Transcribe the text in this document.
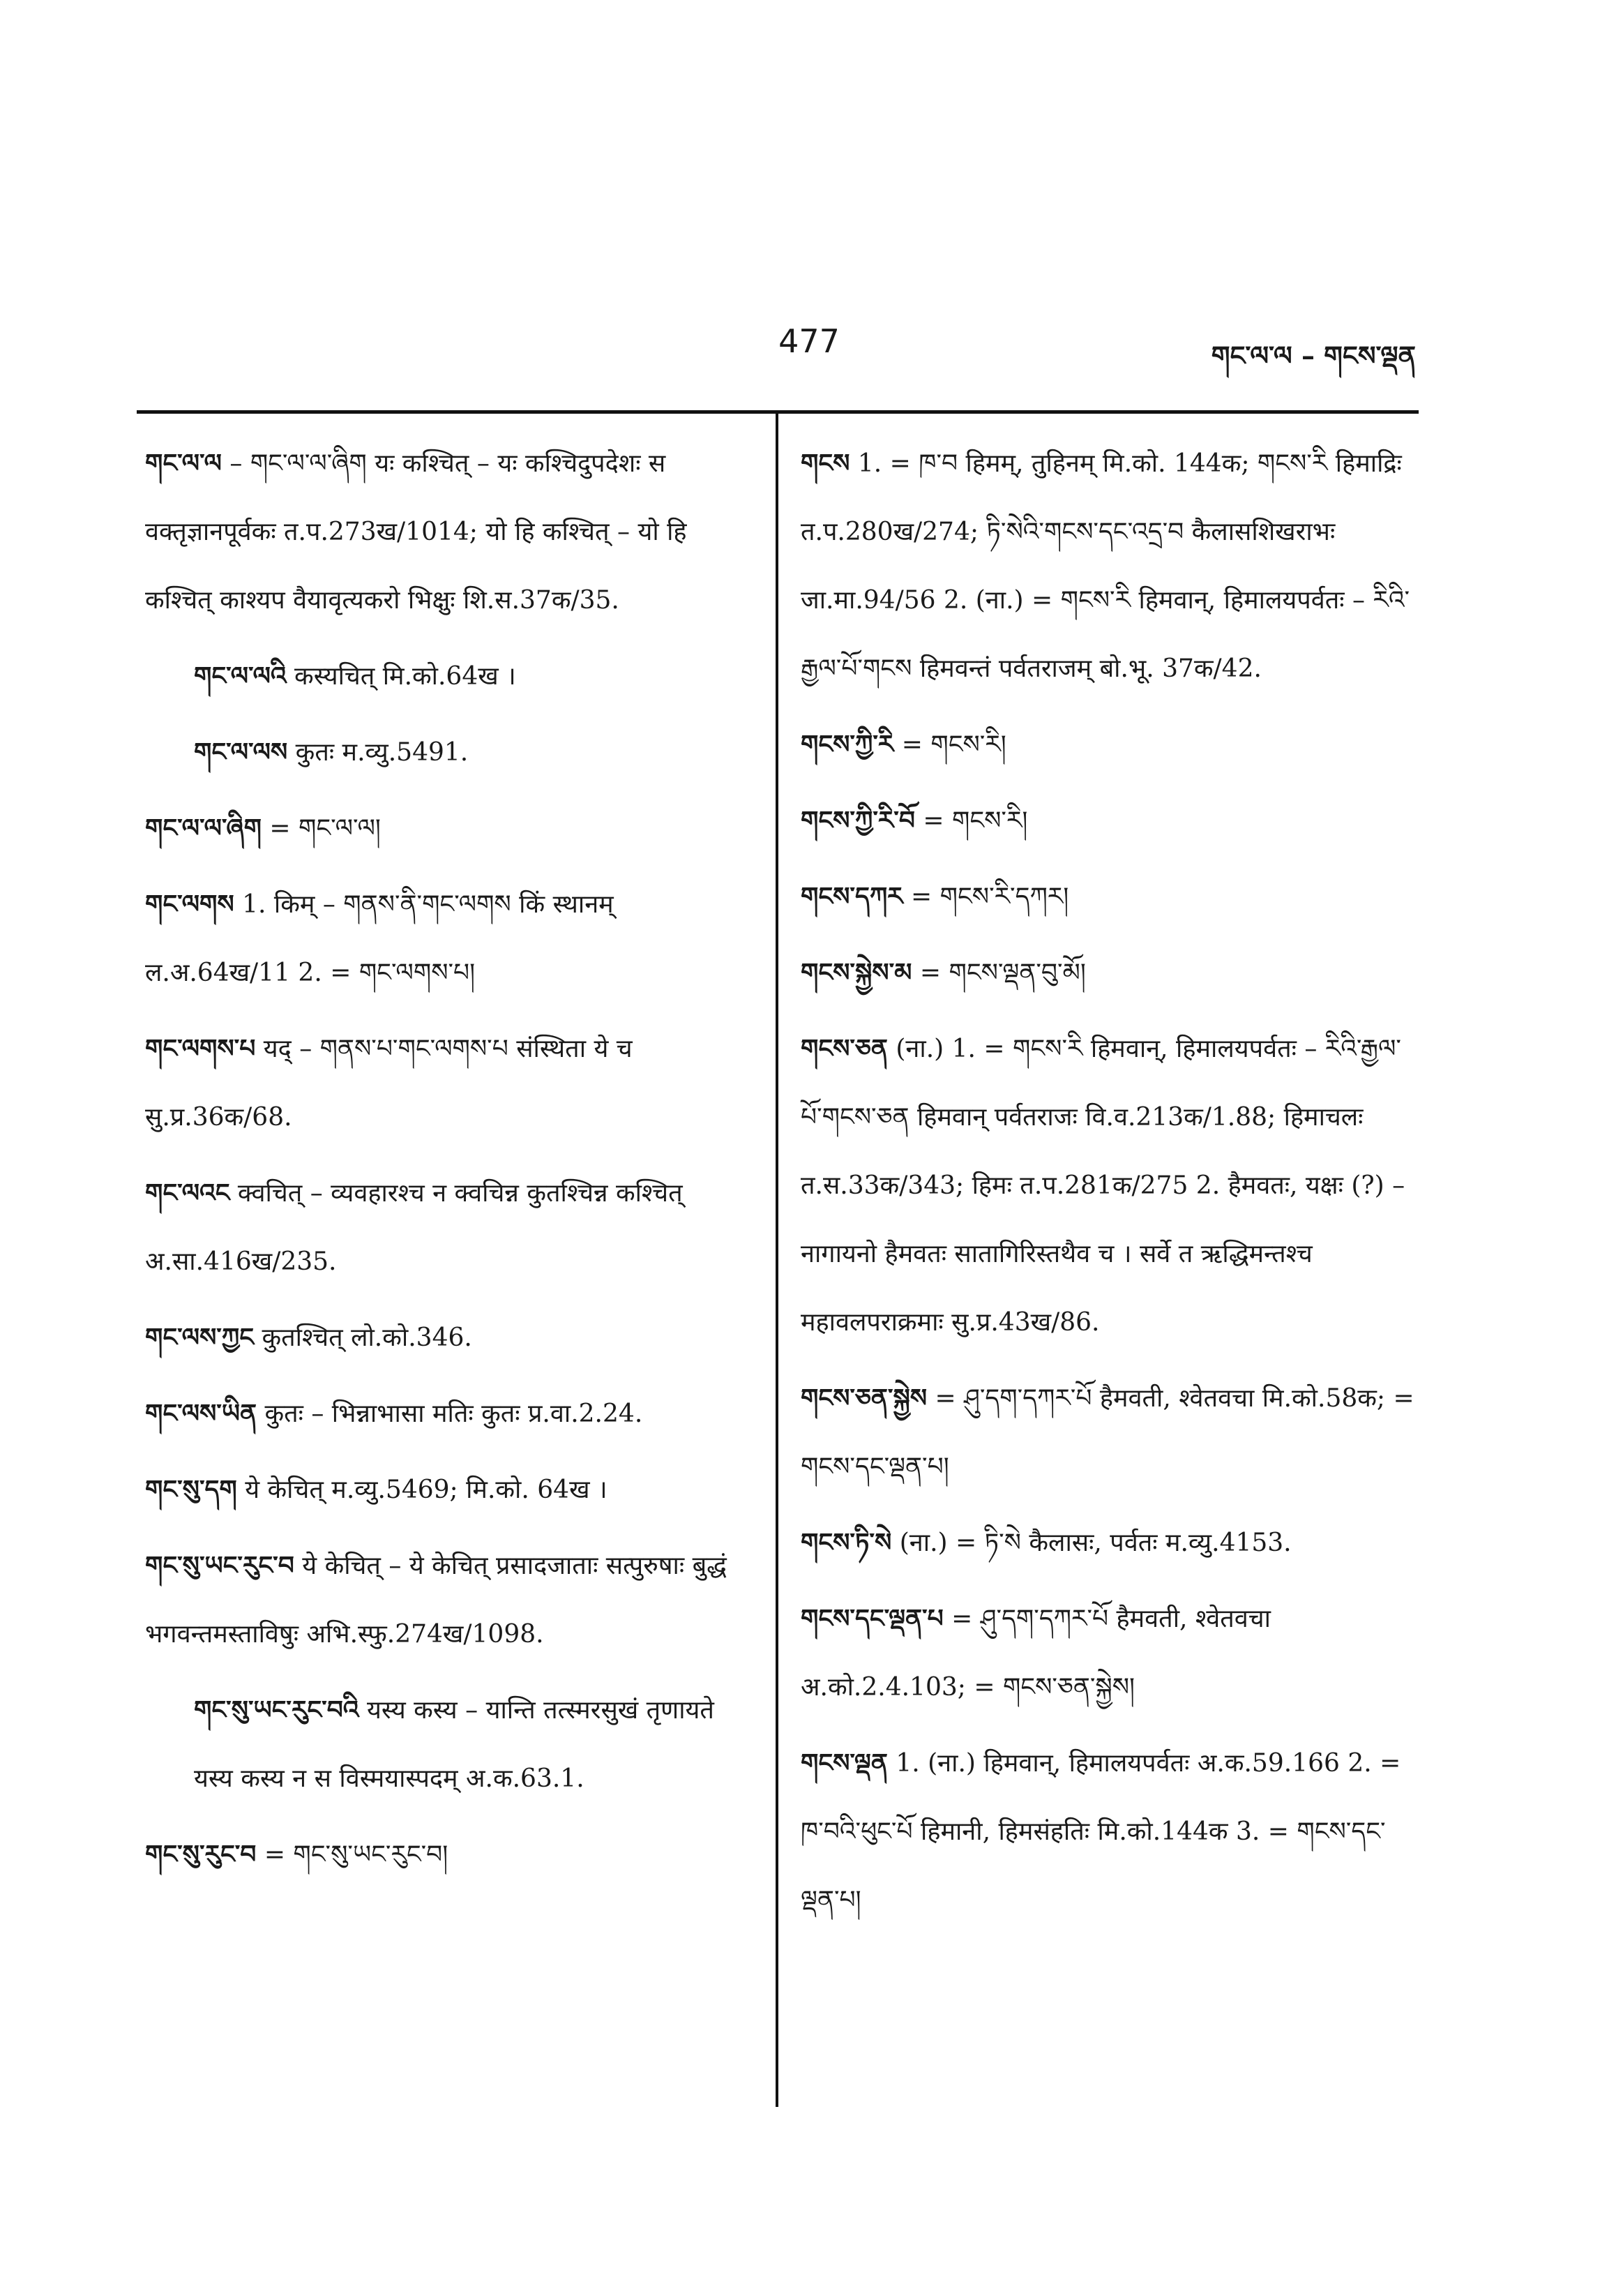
477	གང་ལ་ལ – གངས་ལྡན
གང་ལ་ལ – གང་ལ་ལ་ཞིག यः कश्चित् – यः कश्चिदुपदेशः स वक्तृज्ञानपूर्वकः त.प.273ख/1014; यो हि कश्चित् – यो हि कश्चित् काश्यप वैयावृत्यकरो भिक्षुः शि.स.37क/35.
གང་ལ་ལའི कस्यचित् मि.को.64ख ।
གང་ལ་ལས कुतः म.व्यु.5491.
གང་ལ་ལ་ཞིག = གང་ལ་ལ།
གང་ལགས 1. किम् – གནས་ནི་གང་ལགས किं स्थानम् ल.अ.64ख/11 2. = གང་ལགས་པ།
གང་ལགས་པ यद् – གནས་པ་གང་ལགས་པ संस्थिता ये च सु.प्र.36क/68.
གང་ལའང क्वचित् – व्यवहारश्च न क्वचिन्न कुतश्चिन्न कश्चित् अ.सा.416ख/235.
གང་ལས་ཀྱང कुतश्चित् लो.को.346.
གང་ལས་ཡིན कुतः – भिन्नाभासा मतिः कुतः प्र.वा.2.24.
གང་སུ་དག ये केचित् म.व्यु.5469; मि.को. 64ख ।
གང་སུ་ཡང་རུང་བ ये केचित् – ये केचित् प्रसादजाताः सत्पुरुषाः बुद्धं भगवन्तमस्ताविषुः अभि.स्फु.274ख/1098.
གང་སུ་ཡང་རུང་བའི यस्य कस्य – यान्ति तत्स्मरसुखं तृणायते यस्य कस्य न स विस्मयास्पदम् अ.क.63.1.
གང་སུ་རུང་བ = གང་སུ་ཡང་རུང་བ།
གངས 1. = ཁ་བ हिमम्, तुहिनम् मि.को. 144क; གངས་རི हिमाद्रिः त.प.280ख/274; ཏི་སེའི་གངས་དང་འདྲ་བ कैलासशिखराभः जा.मा.94/56 2. (ना.) = གངས་རི हिमवान्, हिमालयपर्वतः – རིའི་རྒྱལ་པོ་གངས हिमवन्तं पर्वतराजम् बो.भू. 37क/42.
གངས་ཀྱི་རི = གངས་རི།
གངས་ཀྱི་རི་བོ = གངས་རི།
གངས་དཀར = གངས་རི་དཀར།
གངས་སྐྱེས་མ = གངས་ལྡན་བུ་མོ།
གངས་ཅན (ना.) 1. = གངས་རི हिमवान्, हिमालयपर्वतः – རིའི་རྒྱལ་པོ་གངས་ཅན हिमवान् पर्वतराजः वि.व.213क/1.88; हिमाचलः त.स.33क/343; हिमः त.प.281क/275 2. हैमवतः, यक्षः (?) – नागायनो हैमवतः सातागिरिस्तथैव च । सर्वे त ऋद्धिमन्तश्च महावलपराक्रमाः सु.प्र.43ख/86.
གངས་ཅན་སྐྱེས = ཤུ་དག་དཀར་པོ हैमवती, श्वेतवचा मि.को.58क; = གངས་དང་ལྡན་པ།
གངས་ཏི་སེ (ना.) = ཏི་སེ कैलासः, पर्वतः म.व्यु.4153.
གངས་དང་ལྡན་པ = ཤུ་དག་དཀར་པོ हैमवती, श्वेतवचा अ.को.2.4.103; = གངས་ཅན་སྐྱེས།
གངས་ལྡན 1. (ना.) हिमवान्, हिमालयपर्वतः अ.क.59.166 2. = ཁ་བའི་ཕུང་པོ हिमानी, हिमसंहतिः मि.को.144क 3. = གངས་དང་ལྡན་པ།
